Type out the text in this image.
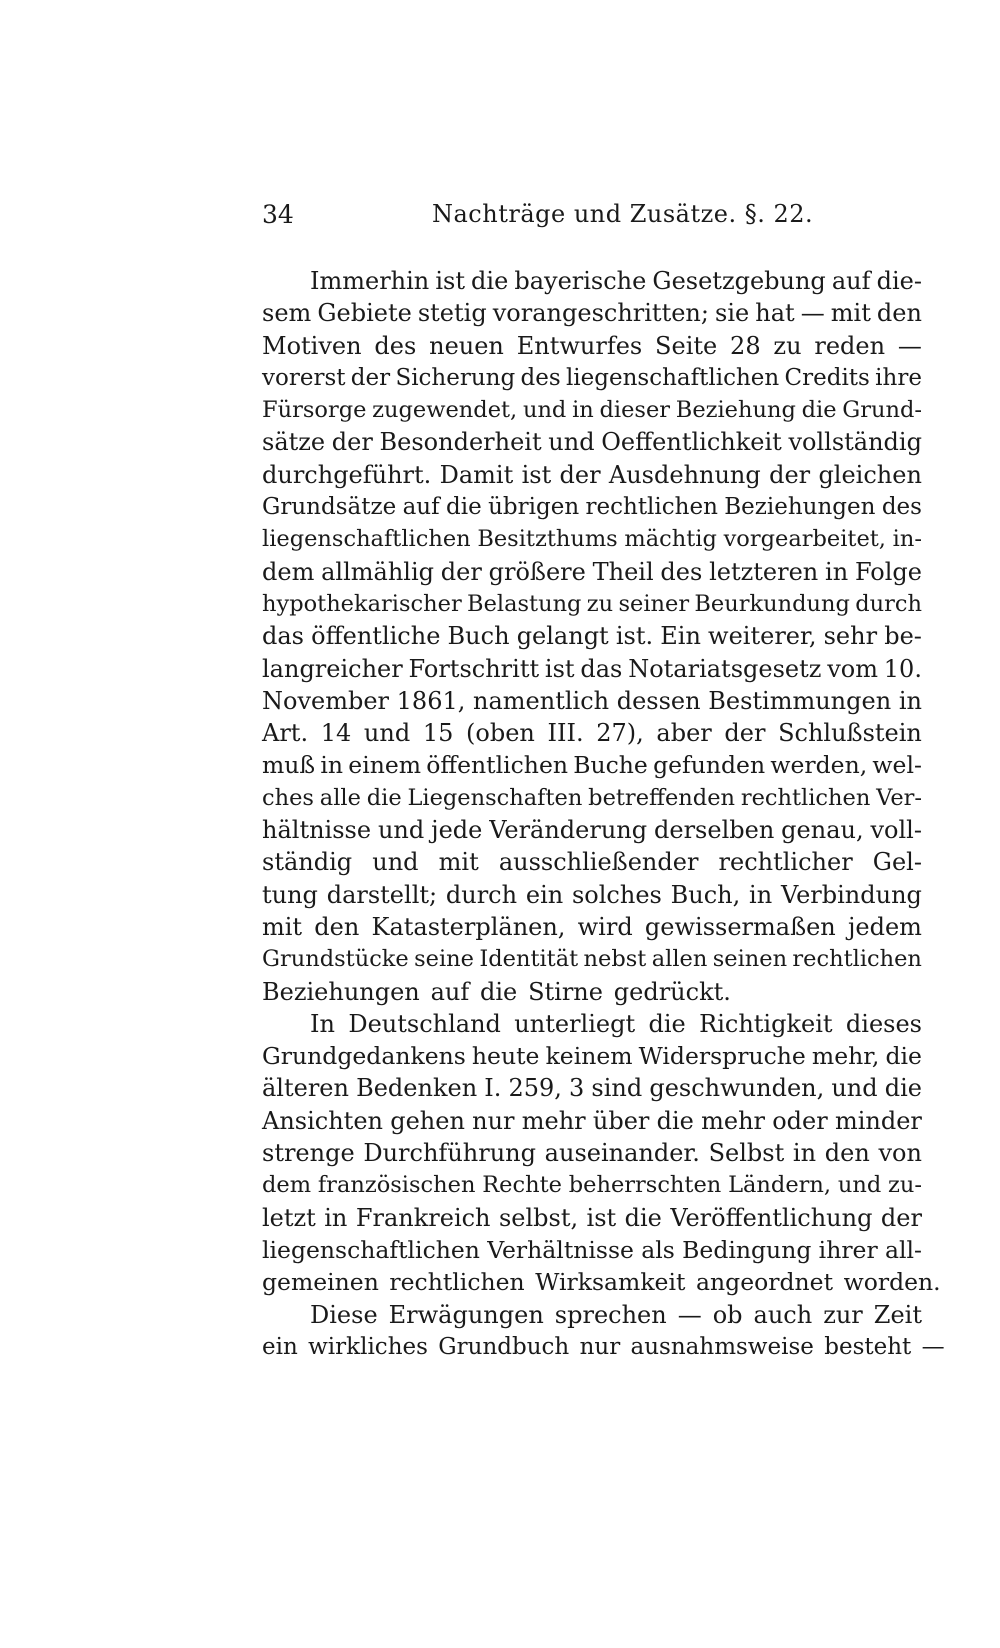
34	Nachträge und Zusätze. §. 22.
Immerhin ist die bayerische Gesetzgebung auf die-
sem Gebiete stetig vorangeschritten; sie hat — mit den
Motiven des neuen Entwurfes Seite 28 zu reden —
vorerst der Sicherung des liegenschaftlichen Credits ihre
Fürsorge zugewendet, und in dieser Beziehung die Grund-
sätze der Besonderheit und Oeffentlichkeit vollständig
durchgeführt. Damit ist der Ausdehnung der gleichen
Grundsätze auf die übrigen rechtlichen Beziehungen des
liegenschaftlichen Besitzthums mächtig vorgearbeitet, in-
dem allmählig der größere Theil des letzteren in Folge
hypothekarischer Belastung zu seiner Beurkundung durch
das öffentliche Buch gelangt ist. Ein weiterer, sehr be-
langreicher Fortschritt ist das Notariatsgesetz vom 10.
November 1861, namentlich dessen Bestimmungen in
Art. 14 und 15 (oben III. 27), aber der Schlußstein
muß in einem öffentlichen Buche gefunden werden, wel-
ches alle die Liegenschaften betreffenden rechtlichen Ver-
hältnisse und jede Veränderung derselben genau, voll-
ständig und mit ausschließender rechtlicher Gel-
tung darstellt; durch ein solches Buch, in Verbindung
mit den Katasterplänen, wird gewissermaßen jedem
Grundstücke seine Identität nebst allen seinen rechtlichen
Beziehungen auf die Stirne gedrückt.
In Deutschland unterliegt die Richtigkeit dieses
Grundgedankens heute keinem Widerspruche mehr, die
älteren Bedenken I. 259, 3 sind geschwunden, und die
Ansichten gehen nur mehr über die mehr oder minder
strenge Durchführung auseinander. Selbst in den von
dem französischen Rechte beherrschten Ländern, und zu-
letzt in Frankreich selbst, ist die Veröffentlichung der
liegenschaftlichen Verhältnisse als Bedingung ihrer all-
gemeinen rechtlichen Wirksamkeit angeordnet worden.
Diese Erwägungen sprechen — ob auch zur Zeit
ein wirkliches Grundbuch nur ausnahmsweise besteht —
